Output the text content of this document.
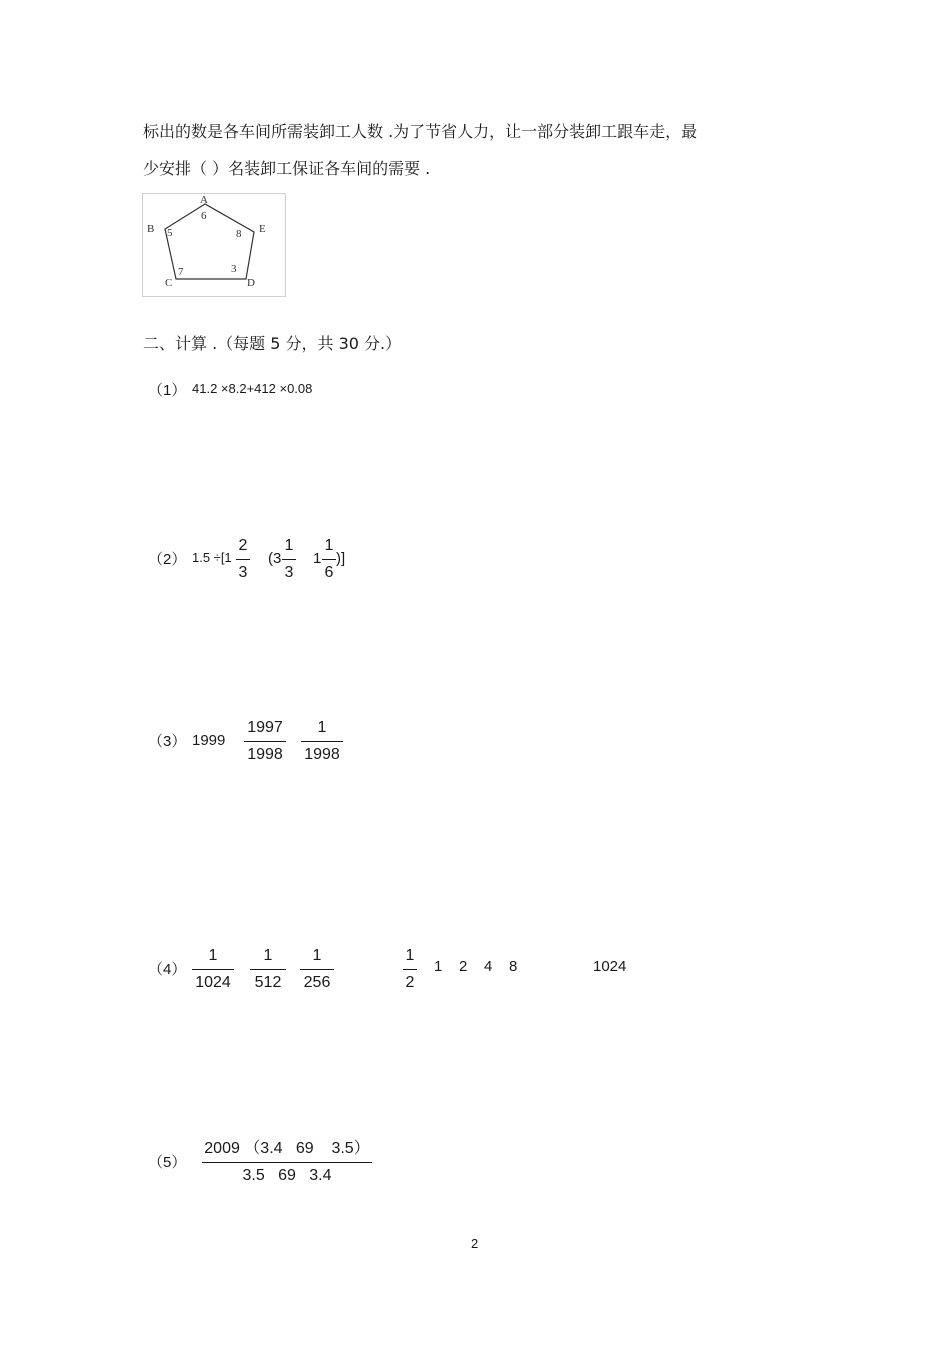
标出的数是各车间所需装卸工人数 .为了节省人力，让一部分装卸工跟车走，最
少安排（ ）名装卸工保证各车间的需要 .
A
B
C	D
E
6
5
7	3
8
二、计算 .（每题 5 分，共 30 分.）
（1） 41.2 ×8.2+412 ×0.08
（2） 1.5 ÷[1
2
3
(3
1
3
1
1
6
)]
（3） 1999
1997
1998
1
1998
（4）
1
1024
1
512
1
256
1
2
1    2    4    8	1024
（5）
2009 （3.4   69    3.5）
3.5   69   3.4
2
